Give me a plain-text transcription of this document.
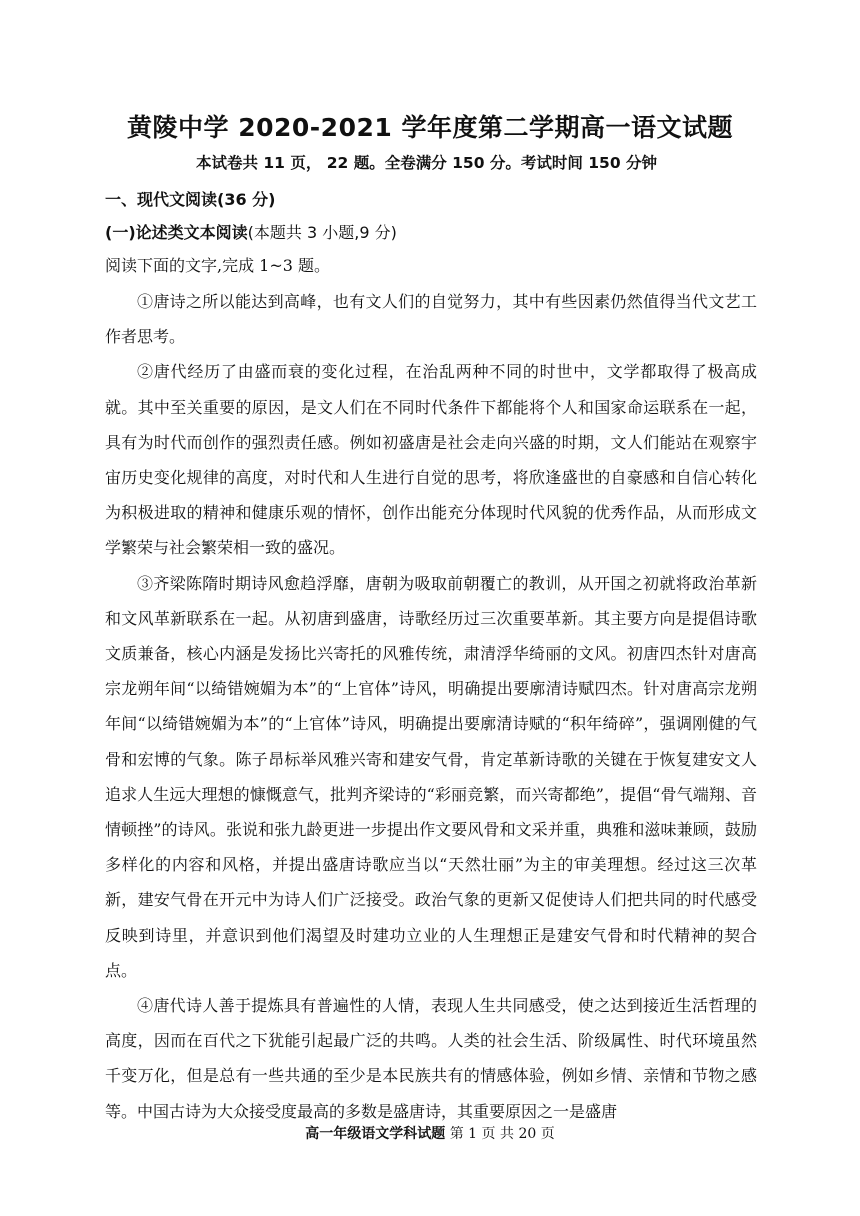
黄陵中学 2020-2021 学年度第二学期高一语文试题
本试卷共 11 页， 22 题。全卷满分 150 分。考试时间 150 分钟
一、现代文阅读(36 分)
(一)论述类文本阅读(本题共 3 小题,9 分)
阅读下面的文字,完成 1~3 题。

①唐诗之所以能达到高峰，也有文人们的自觉努力，其中有些因素仍然值得当代文艺工作者思考。

②唐代经历了由盛而衰的变化过程，在治乱两种不同的时世中，文学都取得了极高成就。其中至关重要的原因，是文人们在不同时代条件下都能将个人和国家命运联系在一起，具有为时代而创作的强烈责任感。例如初盛唐是社会走向兴盛的时期，文人们能站在观察宇宙历史变化规律的高度，对时代和人生进行自觉的思考，将欣逢盛世的自豪感和自信心转化为积极进取的精神和健康乐观的情怀，创作出能充分体现时代风貌的优秀作品，从而形成文学繁荣与社会繁荣相一致的盛况。

③齐梁陈隋时期诗风愈趋浮靡，唐朝为吸取前朝覆亡的教训，从开国之初就将政治革新和文风革新联系在一起。从初唐到盛唐，诗歌经历过三次重要革新。其主要方向是提倡诗歌文质兼备，核心内涵是发扬比兴寄托的风雅传统，肃清浮华绮丽的文风。初唐四杰针对唐高宗龙朔年间“以绮错婉媚为本”的“上官体”诗风，明确提出要廓清诗赋四杰。针对唐高宗龙朔年间“以绮错婉媚为本”的“上官体”诗风，明确提出要廓清诗赋的“积年绮碎”，强调刚健的气骨和宏博的气象。陈子昂标举风雅兴寄和建安气骨，肯定革新诗歌的关键在于恢复建安文人追求人生远大理想的慷慨意气，批判齐梁诗的“彩丽竞繁，而兴寄都绝”，提倡“骨气端翔、音情顿挫”的诗风。张说和张九龄更进一步提出作文要风骨和文采并重，典雅和滋味兼顾，鼓励多样化的内容和风格，并提出盛唐诗歌应当以“天然壮丽”为主的审美理想。经过这三次革新，建安气骨在开元中为诗人们广泛接受。政治气象的更新又促使诗人们把共同的时代感受反映到诗里，并意识到他们渴望及时建功立业的人生理想正是建安气骨和时代精神的契合点。

④唐代诗人善于提炼具有普遍性的人情，表现人生共同感受，使之达到接近生活哲理的高度，因而在百代之下犹能引起最广泛的共鸣。人类的社会生活、阶级属性、时代环境虽然千变万化，但是总有一些共通的至少是本民族共有的情感体验，例如乡情、亲情和节物之感等。中国古诗为大众接受度最高的多数是盛唐诗，其重要原因之一是盛唐

高一年级语文学科试题 第 1 页 共 20 页
